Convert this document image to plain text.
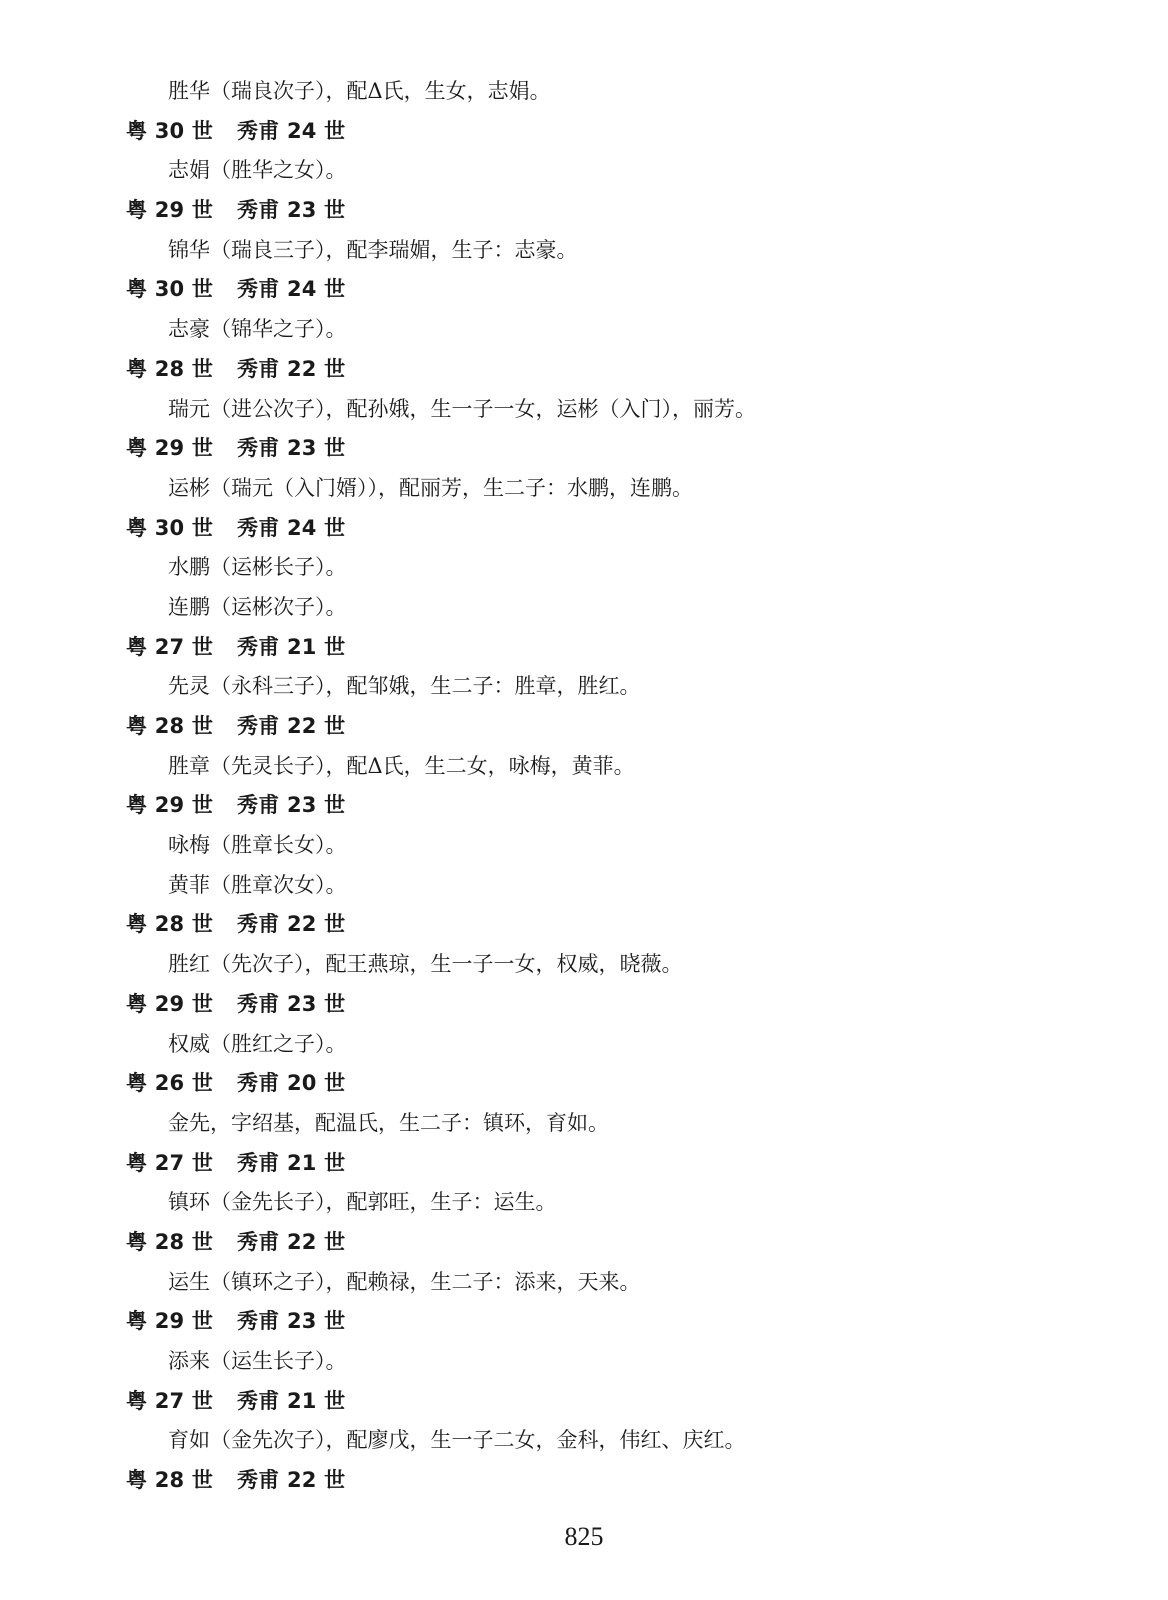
胜华（瑞良次子），配Δ氏，生女，志娟。
粤 30 世 秀甫 24 世
志娟（胜华之女）。
粤 29 世 秀甫 23 世
锦华（瑞良三子），配李瑞媚，生子：志豪。
粤 30 世 秀甫 24 世
志豪（锦华之子）。
粤 28 世 秀甫 22 世
瑞元（进公次子），配孙娥，生一子一女，运彬（入门），丽芳。
粤 29 世 秀甫 23 世
运彬（瑞元（入门婿）），配丽芳，生二子：水鹏，连鹏。
粤 30 世 秀甫 24 世
水鹏（运彬长子）。
连鹏（运彬次子）。
粤 27 世 秀甫 21 世
先灵（永科三子），配邹娥，生二子：胜章，胜红。
粤 28 世 秀甫 22 世
胜章（先灵长子），配Δ氏，生二女，咏梅，黄菲。
粤 29 世 秀甫 23 世
咏梅（胜章长女）。
黄菲（胜章次女）。
粤 28 世 秀甫 22 世
胜红（先次子），配王燕琼，生一子一女，权威，晓薇。
粤 29 世 秀甫 23 世
权威（胜红之子）。
粤 26 世 秀甫 20 世
金先，字绍基，配温氏，生二子：镇环，育如。
粤 27 世 秀甫 21 世
镇环（金先长子），配郭旺，生子：运生。
粤 28 世 秀甫 22 世
运生（镇环之子），配赖禄，生二子：添来，天来。
粤 29 世 秀甫 23 世
添来（运生长子）。
粤 27 世 秀甫 21 世
育如（金先次子），配廖戊，生一子二女，金科，伟红、庆红。
粤 28 世 秀甫 22 世
825
